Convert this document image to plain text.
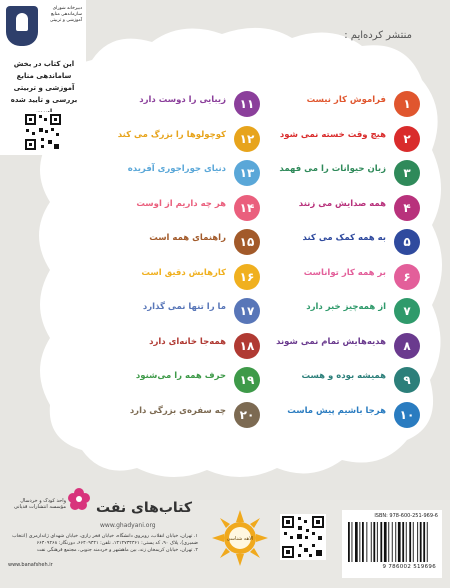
دبیرخانه شورای سازماندهی منابع آموزشی و تربیتی
این کتاب در بخش ساماندهی منابع آموزشی و تربیتی بررسی و تایید شده
منتشر کرده‌ایم :
۱
فراموش کار نیست
۲
هیچ وقت خسته نمی شود
۳
زبان حیوانات را می فهمد
۴
همه صدایش می زنند
۵
به همه کمک می کند
۶
بر همه کار تواناست
۷
از همه‌چیز خبر دارد
۸
هدیه‌هایش تمام نمی شوند
۹
همیشه بوده و هست
۱۰
هرجا باشیم پیش ماست
۱۱
زیبایی را دوست دارد
۱۲
کوچولوها را بزرگ می کند
۱۳
دنیای جوراجوری آفریده
۱۴
هر چه داریم از اوست
۱۵
راهنمای همه است
۱۶
کارهایش دقیق است
۱۷
ما را تنها نمی گذارد
۱۸
همه‌جا خانه‌ای دارد
۱۹
حرف همه را می‌شنود
۲۰
چه سفره‌ی بزرگی دارد
کتاب‌های نفت
واحد کودک و خردسال مؤسسه انتشارات قدیانی
www.ghadyani.org
۱. تهران، خیابان انقلاب، روبروی دانشگاه، خیابان فخر رازی، خیابان شهدای ژاندارمری (انتخاب ضمیری)، پلاک ۹۰، کد پستی: ۱۳۱۴۷۳۴۳۶۱، تلفن: ۶۶۴۰۹۴۴۱، دورنگار: ۶۶۴۰۹۲۶۸
۲. تهران، خیابان کریمخان زند، بین ماهشهر و خردمند جنوبی، مجتمع فرهنگی نفت
www.banafsheh.ir
الاهه شناسی
ISBN: 978-600-251-969-6
9 786002 519696
